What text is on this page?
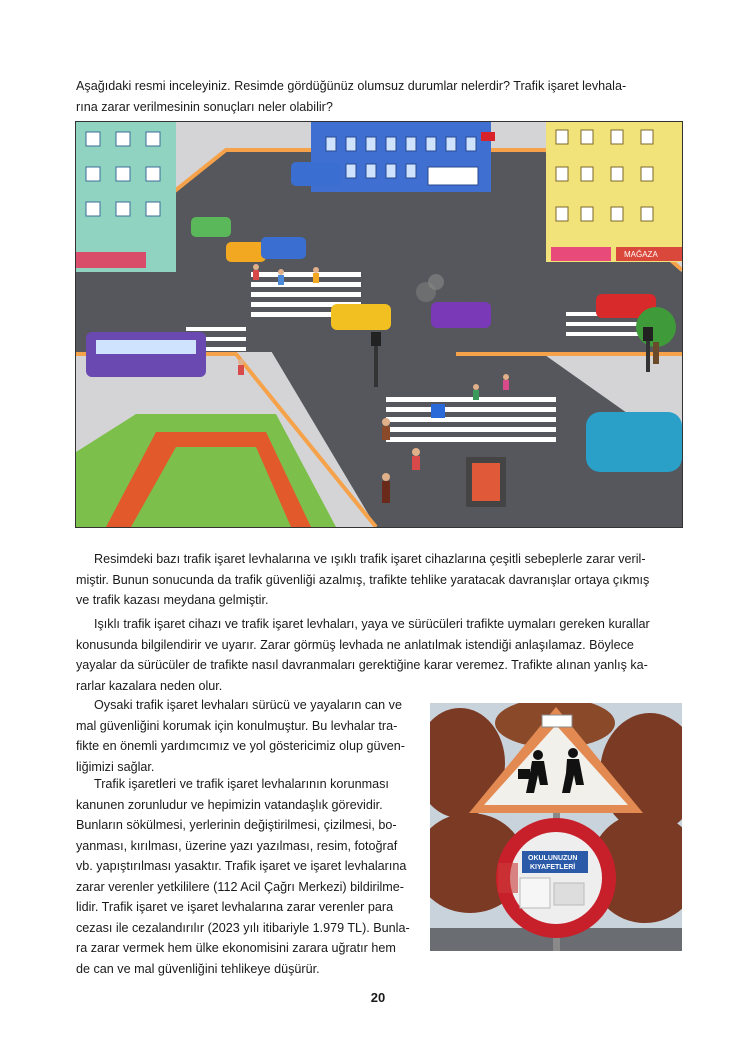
Aşağıdaki resmi inceleyiniz. Resimde gördüğünüz olumsuz durumlar nelerdir? Trafik işaret levhala-
rına zarar verilmesinin sonuçları neler olabilir?
MAĞAZA
Resimdeki bazı trafik işaret levhalarına ve ışıklı trafik işaret cihazlarına çeşitli sebeplerle zarar veril-
miştir. Bunun sonucunda da trafik güvenliği azalmış, trafikte tehlike yaratacak davranışlar ortaya çıkmış
ve trafik kazası meydana gelmiştir.
Işıklı trafik işaret cihazı ve trafik işaret levhaları, yaya ve sürücüleri trafikte uymaları gereken kurallar
konusunda bilgilendirir ve uyarır. Zarar görmüş levhada ne anlatılmak istendiği anlaşılamaz. Böylece
yayalar da sürücüler de trafikte nasıl davranmaları gerektiğine karar veremez. Trafikte alınan yanlış ka-
rarlar kazalara neden olur.
Oysaki trafik işaret levhaları sürücü ve yayaların can ve
mal güvenliğini korumak için konulmuştur. Bu levhalar tra-
fikte en önemli yardımcımız ve yol göstericimiz olup güven-
liğimizi sağlar.
Trafik işaretleri ve trafik işaret levhalarının korunması
kanunen zorunludur ve hepimizin vatandaşlık görevidir.
Bunların sökülmesi, yerlerinin değiştirilmesi, çizilmesi, bo-
yanması, kırılması, üzerine yazı yazılması, resim, fotoğraf
vb. yapıştırılması yasaktır. Trafik işaret ve işaret levhalarına
zarar verenler yetkililere (112 Acil Çağrı Merkezi) bildirilme-
lidir. Trafik işaret ve işaret levhalarına zarar verenler para
cezası ile cezalandırılır (2023 yılı itibariyle 1.979 TL). Bunla-
ra zarar vermek hem ülke ekonomisini zarara uğratır hem
de can ve mal güvenliğini tehlikeye düşürür.
OKULUNUZUN
KIYAFETLERİ
20
